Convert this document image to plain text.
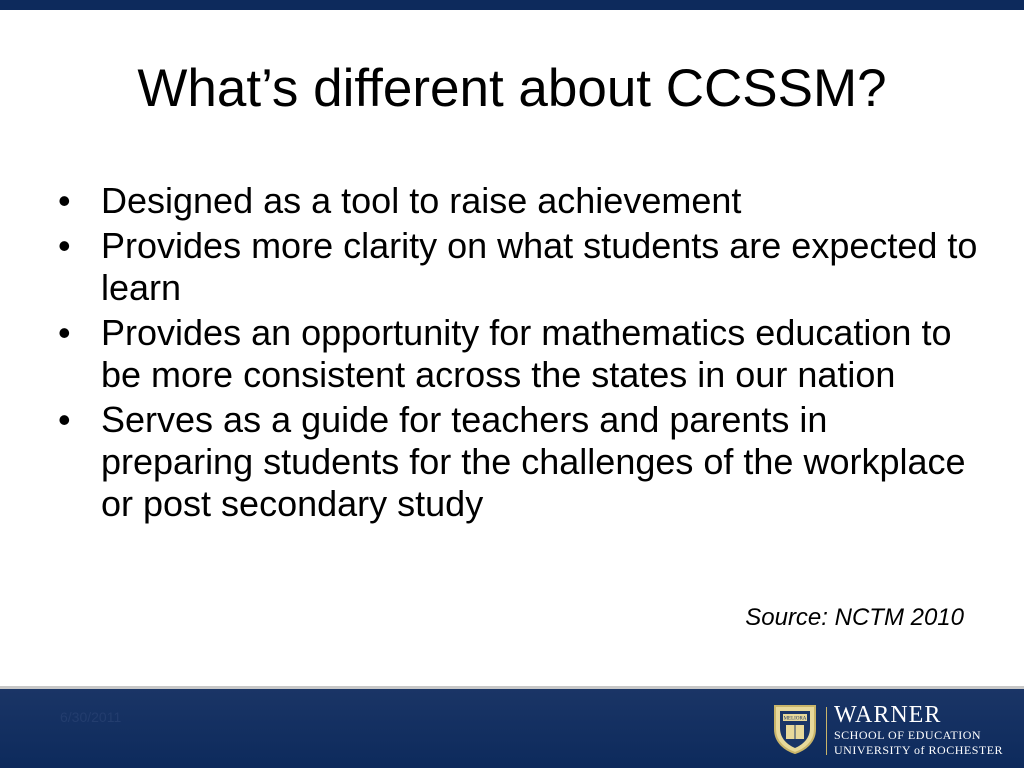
What’s different about CCSSM?
• Designed as a tool to raise achievement
• Provides more clarity on what students are expected to learn
• Provides an opportunity for mathematics education to be more consistent across the states in our nation
• Serves as a guide for teachers and parents in preparing students for the challenges of the workplace or post secondary study
Source: NCTM 2010
6/30/2011	MELIORA WARNER
SCHOOL OF EDUCATION
UNIVERSITY of ROCHESTER
